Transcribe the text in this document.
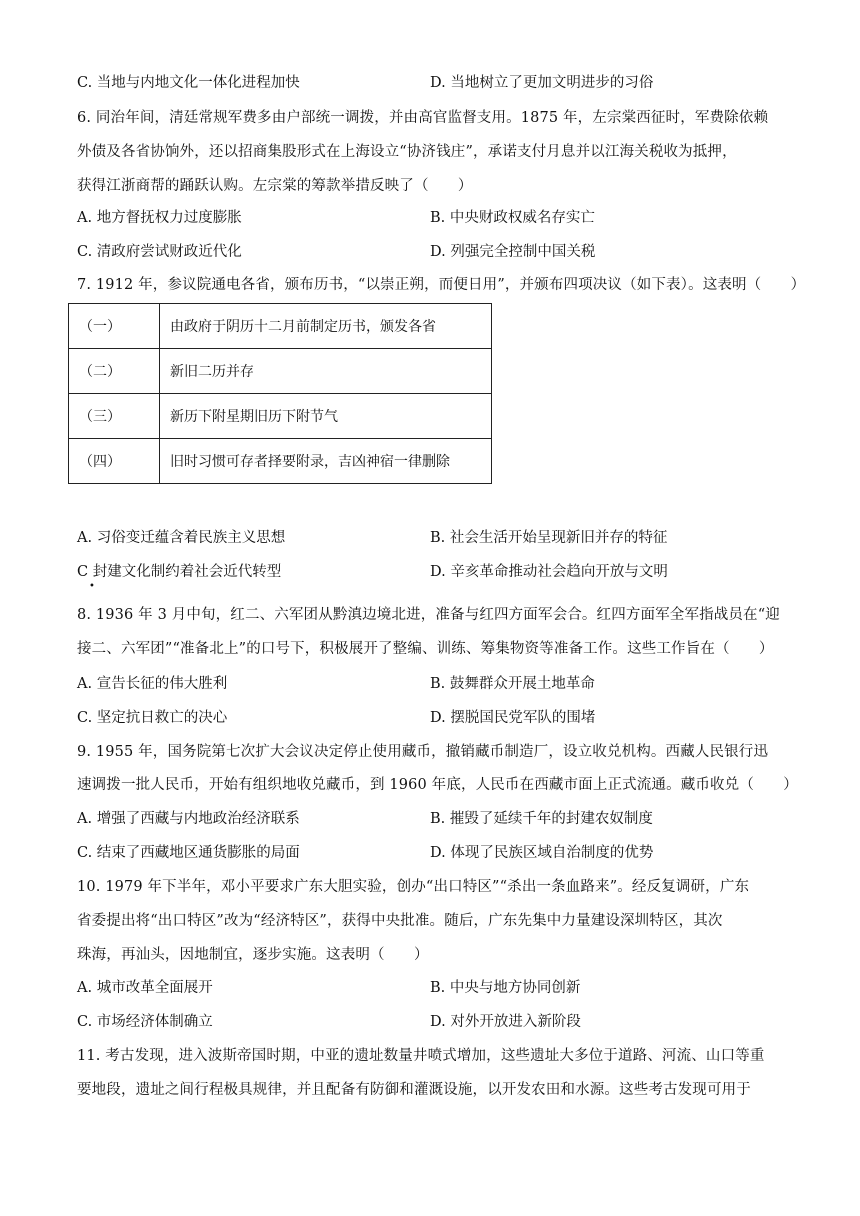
C. 当地与内地文化一体化进程加快	D. 当地树立了更加文明进步的习俗
6. 同治年间，清廷常规军费多由户部统一调拨，并由高官监督支用。1875 年，左宗棠西征时，军费除依赖
外债及各省协饷外，还以招商集股形式在上海设立“协济钱庄”，承诺支付月息并以江海关税收为抵押，
获得江浙商帮的踊跃认购。左宗棠的筹款举措反映了（　　）
A. 地方督抚权力过度膨胀	B. 中央财政权威名存实亡
C. 清政府尝试财政近代化	D. 列强完全控制中国关税
7. 1912 年，参议院通电各省，颁布历书，“以崇正朔，而便日用”，并颁布四项决议（如下表）。这表明（　　）
（一）	由政府于阴历十二月前制定历书，颁发各省
（二）	新旧二历并存
（三）	新历下附星期旧历下附节气
（四）	旧时习惯可存者择要附录，吉凶神宿一律删除
A. 习俗变迁蕴含着民族主义思想	B. 社会生活开始呈现新旧并存的特征
C 封建文化制约着社会近代转型
•
D. 辛亥革命推动社会趋向开放与文明
8. 1936 年 3 月中旬，红二、六军团从黔滇边境北进，准备与红四方面军会合。红四方面军全军指战员在“迎
接二、六军团”“准备北上”的口号下，积极展开了整编、训练、筹集物资等准备工作。这些工作旨在（　　）
A. 宣告长征的伟大胜利	B. 鼓舞群众开展土地革命
C. 坚定抗日救亡的决心	D. 摆脱国民党军队的围堵
9. 1955 年，国务院第七次扩大会议决定停止使用藏币，撤销藏币制造厂，设立收兑机构。西藏人民银行迅
速调拨一批人民币，开始有组织地收兑藏币，到 1960 年底，人民币在西藏市面上正式流通。藏币收兑（　　）
A. 增强了西藏与内地政治经济联系	B. 摧毁了延续千年的封建农奴制度
C. 结束了西藏地区通货膨胀的局面	D. 体现了民族区域自治制度的优势
10. 1979 年下半年，邓小平要求广东大胆实验，创办“出口特区”“杀出一条血路来”。经反复调研，广东
省委提出将“出口特区”改为“经济特区”，获得中央批准。随后，广东先集中力量建设深圳特区，其次
珠海，再汕头，因地制宜，逐步实施。这表明（　　）
A. 城市改革全面展开	B. 中央与地方协同创新
C. 市场经济体制确立	D. 对外开放进入新阶段
11. 考古发现，进入波斯帝国时期，中亚的遗址数量井喷式增加，这些遗址大多位于道路、河流、山口等重
要地段，遗址之间行程极具规律，并且配备有防御和灌溉设施，以开发农田和水源。这些考古发现可用于
